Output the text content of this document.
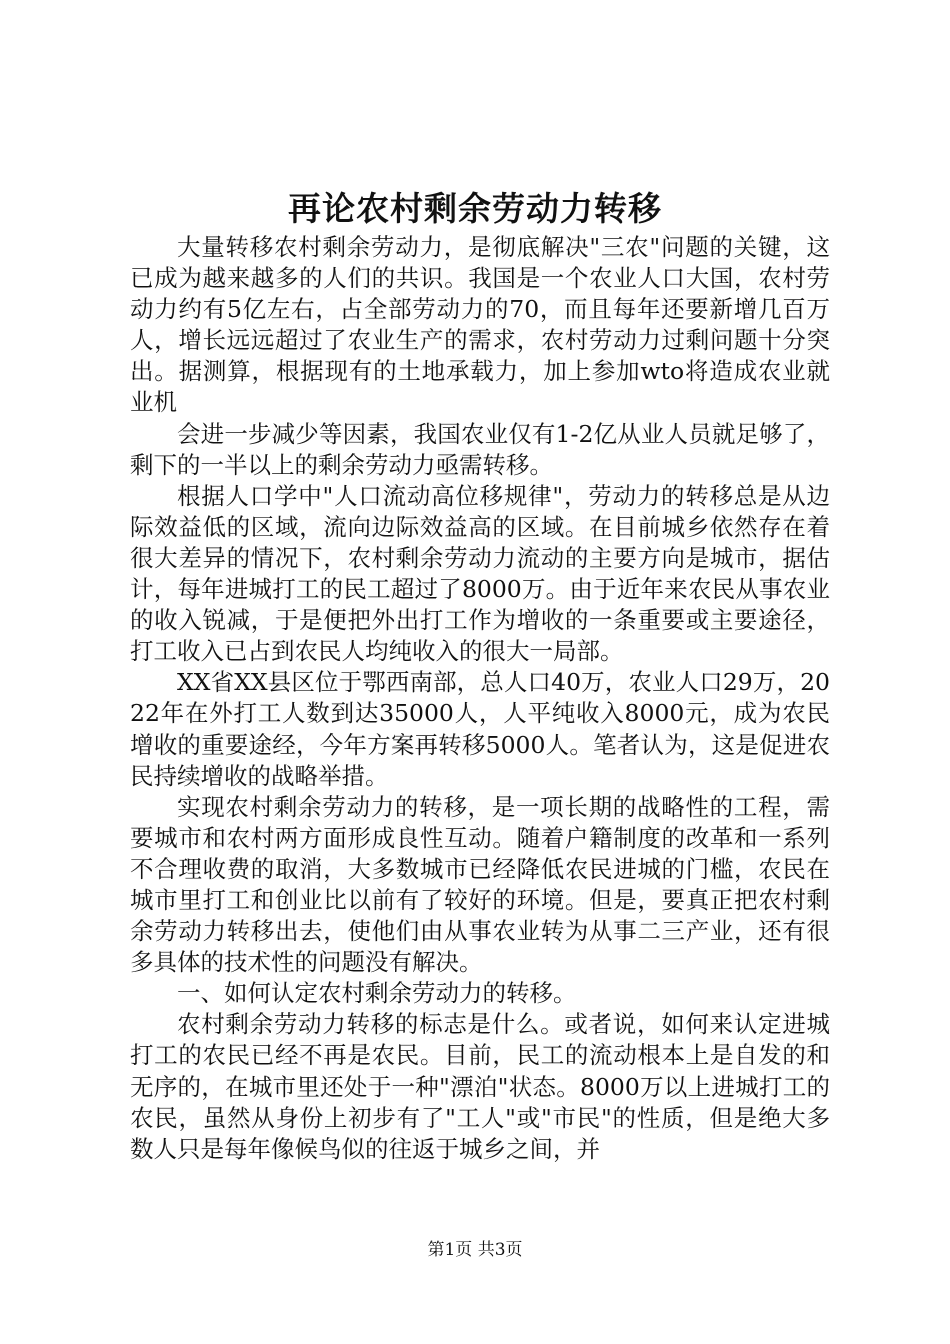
再论农村剩余劳动力转移

大量转移农村剩余劳动力，是彻底解决"三农"问题的关键，这已成为越来越多的人们的共识。我国是一个农业人口大国，农村劳动力约有5亿左右，占全部劳动力的70，而且每年还要新增几百万人，增长远远超过了农业生产的需求，农村劳动力过剩问题十分突出。据测算，根据现有的土地承载力，加上参加wto将造成农业就业机

会进一步减少等因素，我国农业仅有1-2亿从业人员就足够了，剩下的一半以上的剩余劳动力亟需转移。

根据人口学中"人口流动高位移规律"，劳动力的转移总是从边际效益低的区域，流向边际效益高的区域。在目前城乡依然存在着很大差异的情况下，农村剩余劳动力流动的主要方向是城市，据估计，每年进城打工的民工超过了8000万。由于近年来农民从事农业的收入锐减，于是便把外出打工作为增收的一条重要或主要途径，打工收入已占到农民人均纯收入的很大一局部。

XX省XX县区位于鄂西南部，总人口40万，农业人口29万，2022年在外打工人数到达35000人，人平纯收入8000元，成为农民增收的重要途经，今年方案再转移5000人。笔者认为，这是促进农民持续增收的战略举措。

实现农村剩余劳动力的转移，是一项长期的战略性的工程，需要城市和农村两方面形成良性互动。随着户籍制度的改革和一系列不合理收费的取消，大多数城市已经降低农民进城的门槛，农民在城市里打工和创业比以前有了较好的环境。但是，要真正把农村剩余劳动力转移出去，使他们由从事农业转为从事二三产业，还有很多具体的技术性的问题没有解决。

一、如何认定农村剩余劳动力的转移。

农村剩余劳动力转移的标志是什么。或者说，如何来认定进城打工的农民已经不再是农民。目前，民工的流动根本上是自发的和无序的，在城市里还处于一种"漂泊"状态。8000万以上进城打工的农民，虽然从身份上初步有了"工人"或"市民"的性质，但是绝大多数人只是每年像候鸟似的往返于城乡之间，并

第1页 共3页
